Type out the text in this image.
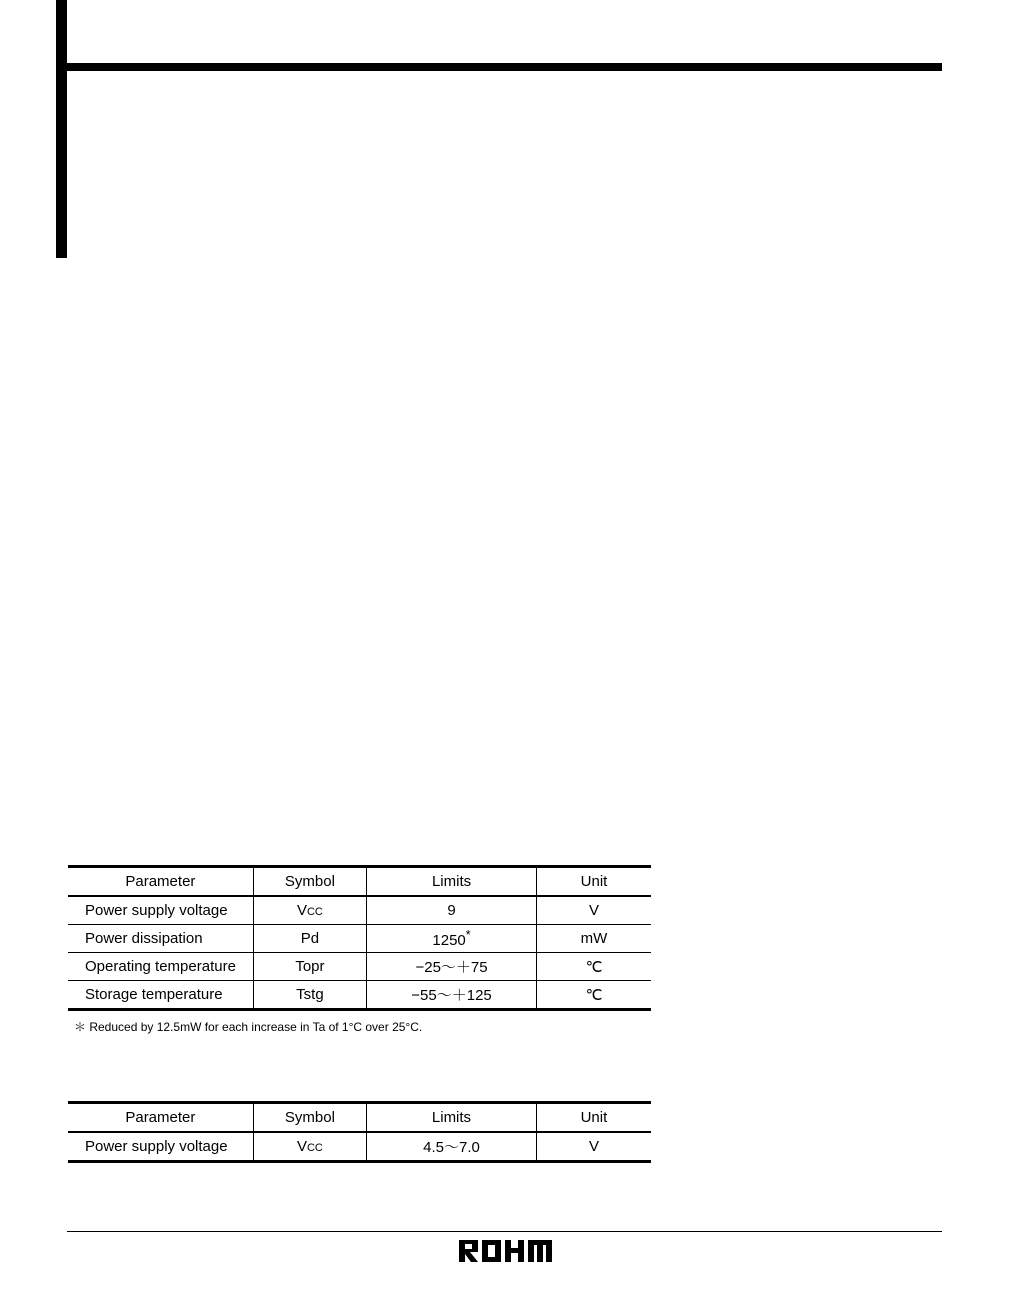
Parameter	Symbol	Limits	Unit
Power supply voltage	VCC	9	V
Power dissipation	Pd	1250*	mW
Operating temperature	Topr	−25～＋75	℃
Storage temperature	Tstg	−55～＋125	℃
＊ Reduced by 12.5mW for each increase in Ta of 1°C over 25°C.
Parameter	Symbol	Limits	Unit
Power supply voltage	VCC	4.5～7.0	V
